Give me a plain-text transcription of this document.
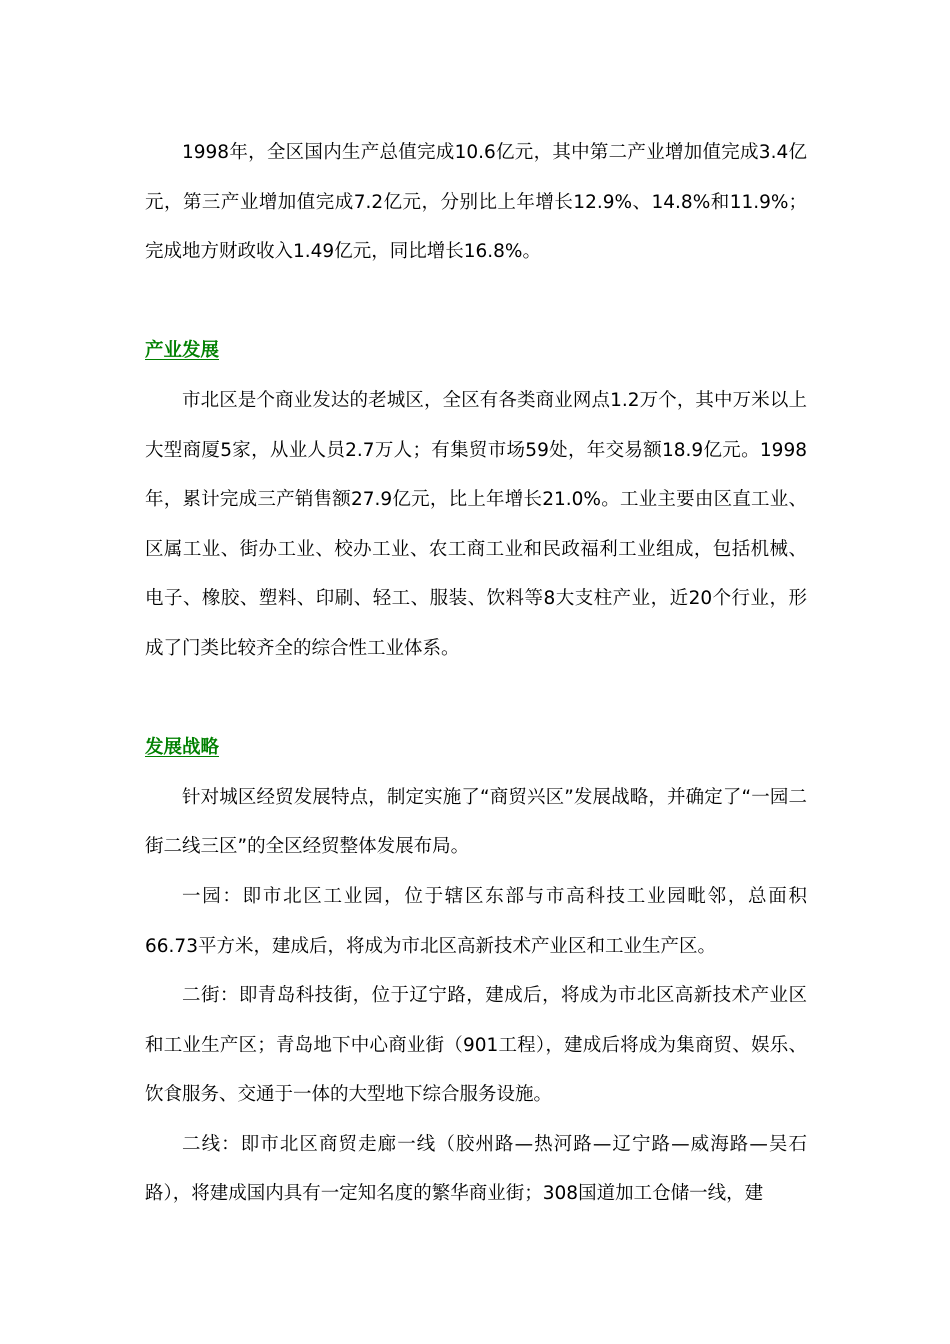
1998年，全区国内生产总值完成10.6亿元，其中第二产业增加值完成3.4亿元，第三产业增加值完成7.2亿元，分别比上年增长12.9%、14.8%和11.9%；完成地方财政收入1.49亿元，同比增长16.8%。

产业发展

市北区是个商业发达的老城区，全区有各类商业网点1.2万个，其中万米以上大型商厦5家，从业人员2.7万人；有集贸市场59处，年交易额18.9亿元。1998年，累计完成三产销售额27.9亿元，比上年增长21.0%。工业主要由区直工业、区属工业、街办工业、校办工业、农工商工业和民政福利工业组成，包括机械、电子、橡胶、塑料、印刷、轻工、服装、饮料等8大支柱产业，近20个行业，形成了门类比较齐全的综合性工业体系。

发展战略

针对城区经贸发展特点，制定实施了“商贸兴区”发展战略，并确定了“一园二街二线三区”的全区经贸整体发展布局。

一园：即市北区工业园，位于辖区东部与市高科技工业园毗邻，总面积66.73平方米，建成后，将成为市北区高新技术产业区和工业生产区。

二街：即青岛科技街，位于辽宁路，建成后，将成为市北区高新技术产业区和工业生产区；青岛地下中心商业街（901工程），建成后将成为集商贸、娱乐、饮食服务、交通于一体的大型地下综合服务设施。

二线：即市北区商贸走廊一线（胶州路—热河路—辽宁路—威海路—吴石路），将建成国内具有一定知名度的繁华商业街；308国道加工仓储一线，建
